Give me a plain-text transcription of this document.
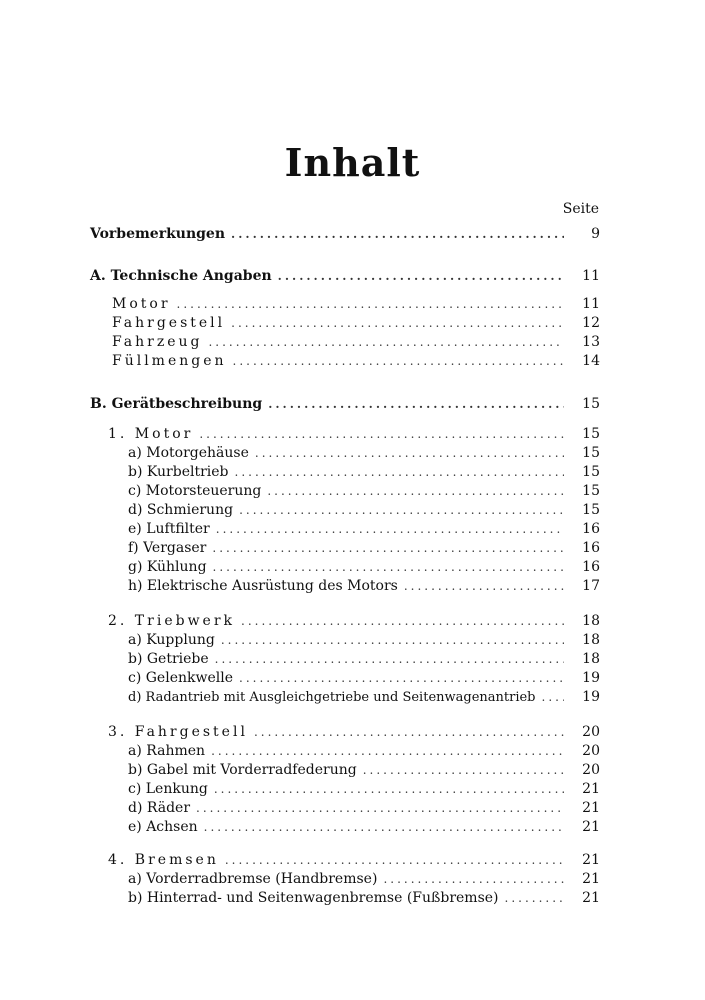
Inhalt
Seite
Vorbemerkungen .....	9
A. Technische Angaben .....	11
Motor .....	11
Fahrgestell .....	12
Fahrzeug .....	13
Füllmengen .....	14
B. Gerätbeschreibung .....	15
1. Motor .....	15
a) Motorgehäuse .....	15
b) Kurbeltrieb .....	15
c) Motorsteuerung .....	15
d) Schmierung .....	15
e) Luftfilter .....	16
f) Vergaser .....	16
g) Kühlung .....	16
h) Elektrische Ausrüstung des Motors .....	17
2. Triebwerk .....	18
a) Kupplung .....	18
b) Getriebe .....	18
c) Gelenkwelle .....	19
d) Radantrieb mit Ausgleichgetriebe und Seitenwagenantrieb .....	19
3. Fahrgestell .....	20
a) Rahmen .....	20
b) Gabel mit Vorderradfederung .....	20
c) Lenkung .....	21
d) Räder .....	21
e) Achsen .....	21
4. Bremsen .....	21
a) Vorderradbremse (Handbremse) .....	21
b) Hinterrad- und Seitenwagenbremse (Fußbremse) .....	21
